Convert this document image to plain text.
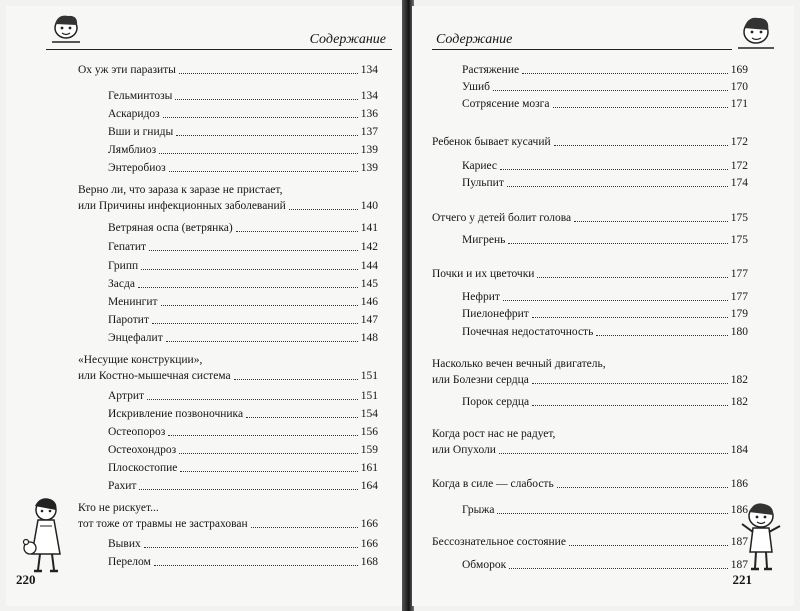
Содержание
Ох уж эти паразиты	134
Гельминтозы	134
Аскаридоз	136
Вши и гниды	137
Лямблиоз	139
Энтеробиоз	139
Верно ли, что зараза к заразе не пристает,
или Причины инфекционных заболеваний	140
Ветряная оспа (ветрянка)	141
Гепатит	142
Грипп	144
Засда	145
Менингит	146
Паротит	147
Энцефалит	148
«Несущие конструкции»,
или Костно-мышечная система	151
Артрит	151
Искривление позвоночника	154
Остеопороз	156
Остеохондроз	159
Плоскостопие	161
Рахит	164
Кто не рискует...
тот тоже от травмы не застрахован	166
Вывих	166
Перелом	168
220
Содержание
Растяжение	169
Ушиб	170
Сотрясение мозга	171
Ребенок бывает кусачий	172
Кариес	172
Пульпит	174
Отчего у детей болит голова	175
Мигрень	175
Почки и их цветочки	177
Нефрит	177
Пиелонефрит	179
Почечная недостаточность	180
Насколько вечен вечный двигатель,
или Болезни сердца	182
Порок сердца	182
Когда рост нас не радует,
или Опухоли	184
Когда в силе — слабость	186
Грыжа	186
Бессознательное состояние	187
Обморок	187
221
